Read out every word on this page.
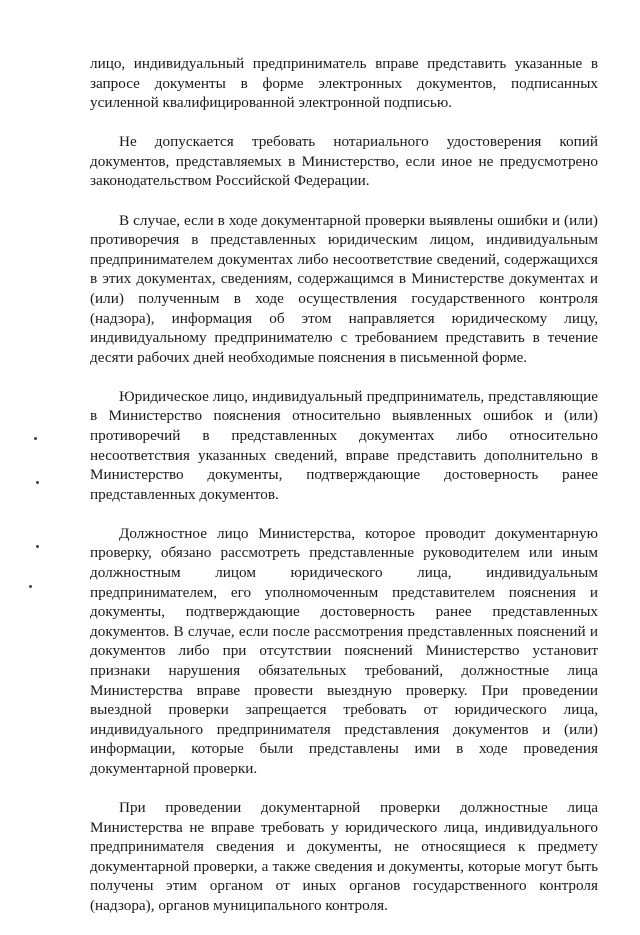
лицо, индивидуальный предприниматель вправе представить указанные в запросе документы в форме электронных документов, подписанных усиленной квалифицированной электронной подписью.

Не допускается требовать нотариального удостоверения копий документов, представляемых в Министерство, если иное не предусмотрено законодательством Российской Федерации.

В случае, если в ходе документарной проверки выявлены ошибки и (или) противоречия в представленных юридическим лицом, индивидуальным предпринимателем документах либо несоответствие сведений, содержащихся в этих документах, сведениям, содержащимся в Министерстве документах и (или) полученным в ходе осуществления государственного контроля (надзора), информация об этом направляется юридическому лицу, индивидуальному предпринимателю с требованием представить в течение десяти рабочих дней необходимые пояснения в письменной форме.

Юридическое лицо, индивидуальный предприниматель, представляющие в Министерство пояснения относительно выявленных ошибок и (или) противоречий в представленных документах либо относительно несоответствия указанных сведений, вправе представить дополнительно в Министерство документы, подтверждающие достоверность ранее представленных документов.

Должностное лицо Министерства, которое проводит документарную проверку, обязано рассмотреть представленные руководителем или иным должностным лицом юридического лица, индивидуальным предпринимателем, его уполномоченным представителем пояснения и документы, подтверждающие достоверность ранее представленных документов. В случае, если после рассмотрения представленных пояснений и документов либо при отсутствии пояснений Министерство установит признаки нарушения обязательных требований, должностные лица Министерства вправе провести выездную проверку. При проведении выездной проверки запрещается требовать от юридического лица, индивидуального предпринимателя представления документов и (или) информации, которые были представлены ими в ходе проведения документарной проверки.

При проведении документарной проверки должностные лица Министерства не вправе требовать у юридического лица, индивидуального предпринимателя сведения и документы, не относящиеся к предмету документарной проверки, а также сведения и документы, которые могут быть получены этим органом от иных органов государственного контроля (надзора), органов муниципального контроля.
